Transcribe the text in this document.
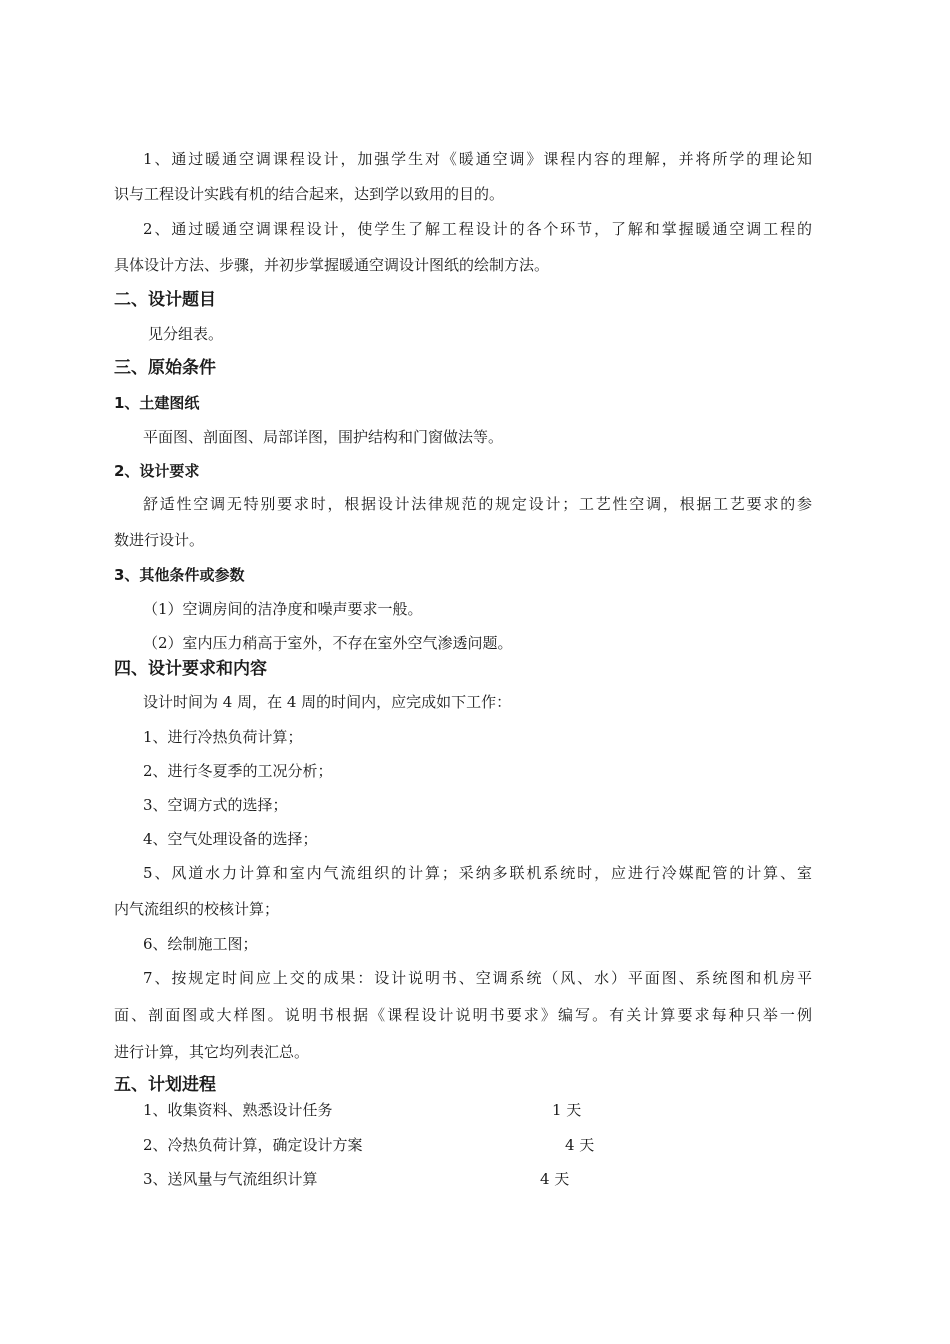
1、通过暖通空调课程设计，加强学生对《暖通空调》课程内容的理解，并将所学的理论知
识与工程设计实践有机的结合起来，达到学以致用的目的。
2、通过暖通空调课程设计，使学生了解工程设计的各个环节，了解和掌握暖通空调工程的
具体设计方法、步骤，并初步掌握暖通空调设计图纸的绘制方法。
二、设计题目
见分组表。
三、原始条件
1、土建图纸
平面图、剖面图、局部详图，围护结构和门窗做法等。
2、设计要求
舒适性空调无特别要求时，根据设计法律规范的规定设计；工艺性空调，根据工艺要求的参
数进行设计。
3、其他条件或参数
（1）空调房间的洁净度和噪声要求一般。
（2）室内压力稍高于室外，不存在室外空气渗透问题。
四、设计要求和内容
设计时间为 4 周，在 4 周的时间内，应完成如下工作：
1、进行冷热负荷计算；
2、进行冬夏季的工况分析；
3、空调方式的选择；
4、空气处理设备的选择；
5、风道水力计算和室内气流组织的计算；采纳多联机系统时，应进行冷媒配管的计算、室
内气流组织的校核计算；
6、绘制施工图；
7、按规定时间应上交的成果：设计说明书、空调系统（风、水）平面图、系统图和机房平
面、剖面图或大样图。说明书根据《课程设计说明书要求》编写。有关计算要求每种只举一例
进行计算，其它均列表汇总。
五、计划进程
1、收集资料、熟悉设计任务	1 天
2、冷热负荷计算，确定设计方案	4 天
3、送风量与气流组织计算	4 天
